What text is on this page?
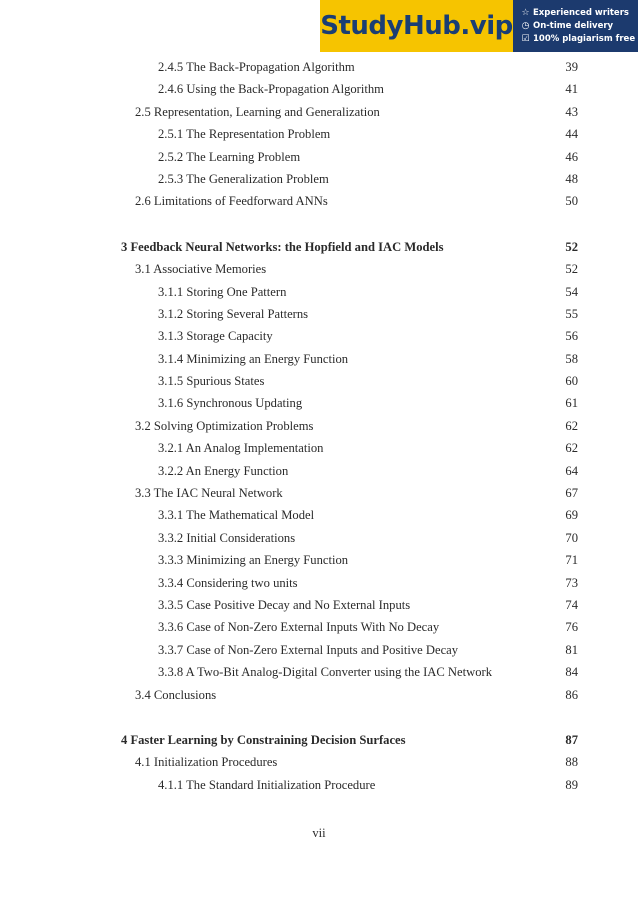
StudyHub.vip ☆ Experienced writers
◷ On-time delivery
☑ 100% plagiarism free
2.4.5 The Back-Propagation Algorithm	39
2.4.6 Using the Back-Propagation Algorithm	41
2.5 Representation, Learning and Generalization	43
2.5.1 The Representation Problem	44
2.5.2 The Learning Problem	46
2.5.3 The Generalization Problem	48
2.6 Limitations of Feedforward ANNs	50
3 Feedback Neural Networks: the Hopfield and IAC Models	52
3.1 Associative Memories	52
3.1.1 Storing One Pattern	54
3.1.2 Storing Several Patterns	55
3.1.3 Storage Capacity	56
3.1.4 Minimizing an Energy Function	58
3.1.5 Spurious States	60
3.1.6 Synchronous Updating	61
3.2 Solving Optimization Problems	62
3.2.1 An Analog Implementation	62
3.2.2 An Energy Function	64
3.3 The IAC Neural Network	67
3.3.1 The Mathematical Model	69
3.3.2 Initial Considerations	70
3.3.3 Minimizing an Energy Function	71
3.3.4 Considering two units	73
3.3.5 Case Positive Decay and No External Inputs	74
3.3.6 Case of Non-Zero External Inputs With No Decay	76
3.3.7 Case of Non-Zero External Inputs and Positive Decay	81
3.3.8 A Two-Bit Analog-Digital Converter using the IAC Network	84
3.4 Conclusions	86
4 Faster Learning by Constraining Decision Surfaces	87
4.1 Initialization Procedures	88
4.1.1 The Standard Initialization Procedure	89
vii
